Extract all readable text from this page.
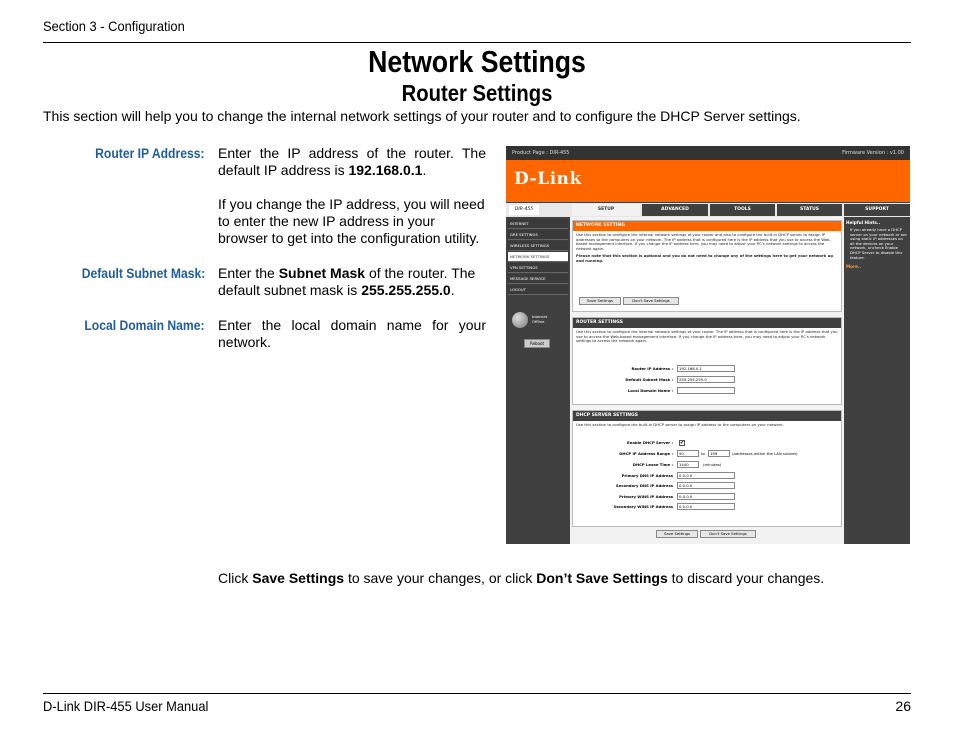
Section 3 - Configuration
Network Settings
Router Settings
This section will help you to change the internal network settings of your router and to configure the DHCP Server settings.
Router IP Address: Enter the IP address of the router. The default IP address is 192.168.0.1.
If you change the IP address, you will need to enter the new IP address in your browser to get into the configuration utility.
Default Subnet Mask: Enter the Subnet Mask of the router. The default subnet mask is 255.255.255.0.
Local Domain Name: Enter the local domain name for your network.
Product Page : DIR-455	Firmware Version : v1.00
D-Link
DIR-455	SETUP	ADVANCED	TOOLS	STATUS	SUPPORT
INTERNET
GRE SETTINGS
WIRELESS SETTINGS
NETWORK SETTINGS
VPN SETTINGS
MESSAGE SERVICE
LOGOUT
Internet
Offline
Reboot
NETWORK SETTING
Use this section to configure the internal network settings of your router and also to configure the built-in DHCP server to assign IP addresses to the computers on your network. The IP address that is configured here is the IP address that you use to access the Web-based management interface. If you change the IP address here, you may need to adjust your PC's network settings to access the network again.
Please note that this section is optional and you do not need to change any of the settings here to get your network up and running.
Save Settings	Don't Save Settings
ROUTER SETTINGS
Use this section to configure the internal network settings of your router. The IP address that is configured here is the IP address that you use to access the Web-based management interface. If you change the IP address here, you may need to adjust your PC's network settings to access the network again.
Router IP Address :	192.168.0.1
Default Subnet Mask :	255.255.255.0
Local Domain Name :
DHCP SERVER SETTINGS
Use this section to configure the built-in DHCP server to assign IP address to the computers on your network.
Enable DHCP Server : ✔
DHCP IP Address Range :	50	to	199	(addresses within the LAN subnet)
DHCP Lease Time :	1440	(minutes)
Primary DNS IP Address	0.0.0.0
Secondary DNS IP Address	0.0.0.0
Primary WINS IP Address	0.0.0.0
Secondary WINS IP Address	0.0.0.0
Save Settings	Don't Save Settings
Helpful Hints..
If you already have a DHCP server on your network or are using static IP addresses on all the devices on your network, uncheck Enable DHCP Server to disable this feature.
More..
Click Save Settings to save your changes, or click Don’t Save Settings to discard your changes.
D-Link DIR-455 User Manual	26
